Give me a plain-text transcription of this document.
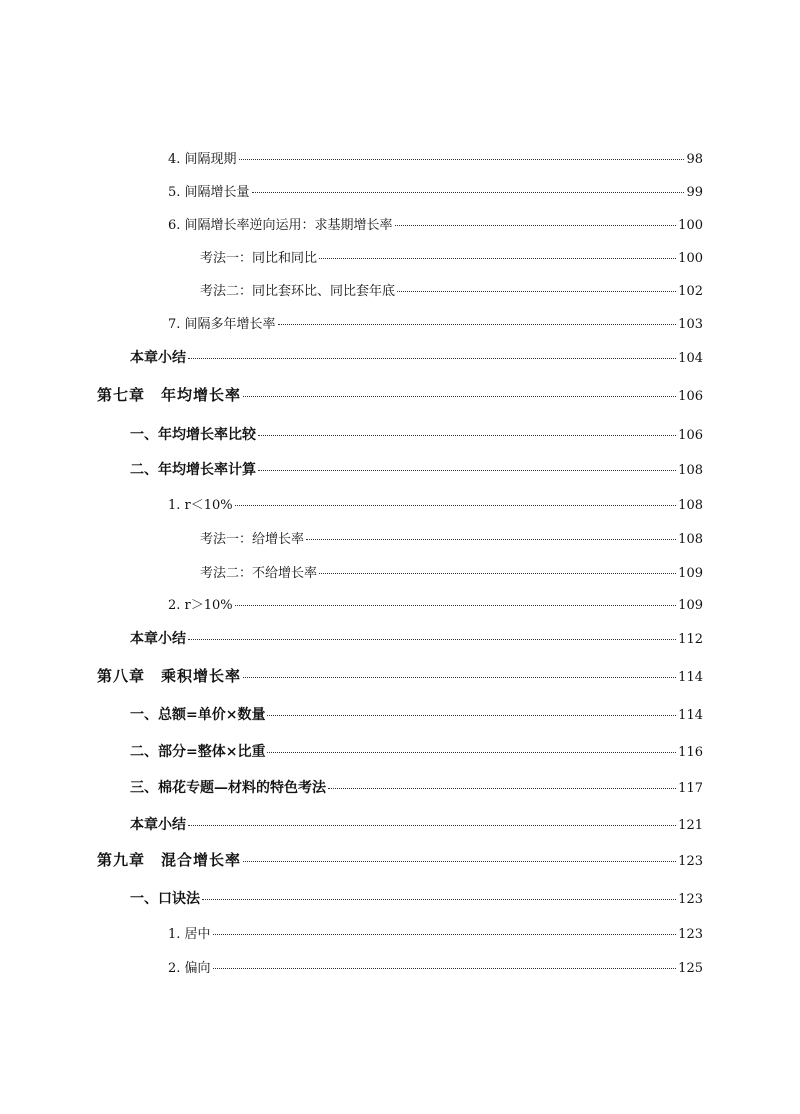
4. 间隔现期	98
5. 间隔增长量	99
6. 间隔增长率逆向运用：求基期增长率	100
考法一：同比和同比	100
考法二：同比套环比、同比套年底	102
7. 间隔多年增长率	103
本章小结	104
第七章　年均增长率	106
一、年均增长率比较	106
二、年均增长率计算	108
1. r＜10%	108
考法一：给增长率	108
考法二：不给增长率	109
2. r＞10%	109
本章小结	112
第八章　乘积增长率	114
一、总额=单价×数量	114
二、部分=整体×比重	116
三、棉花专题—材料的特色考法	117
本章小结	121
第九章　混合增长率	123
一、口诀法	123
1. 居中	123
2. 偏向	125
